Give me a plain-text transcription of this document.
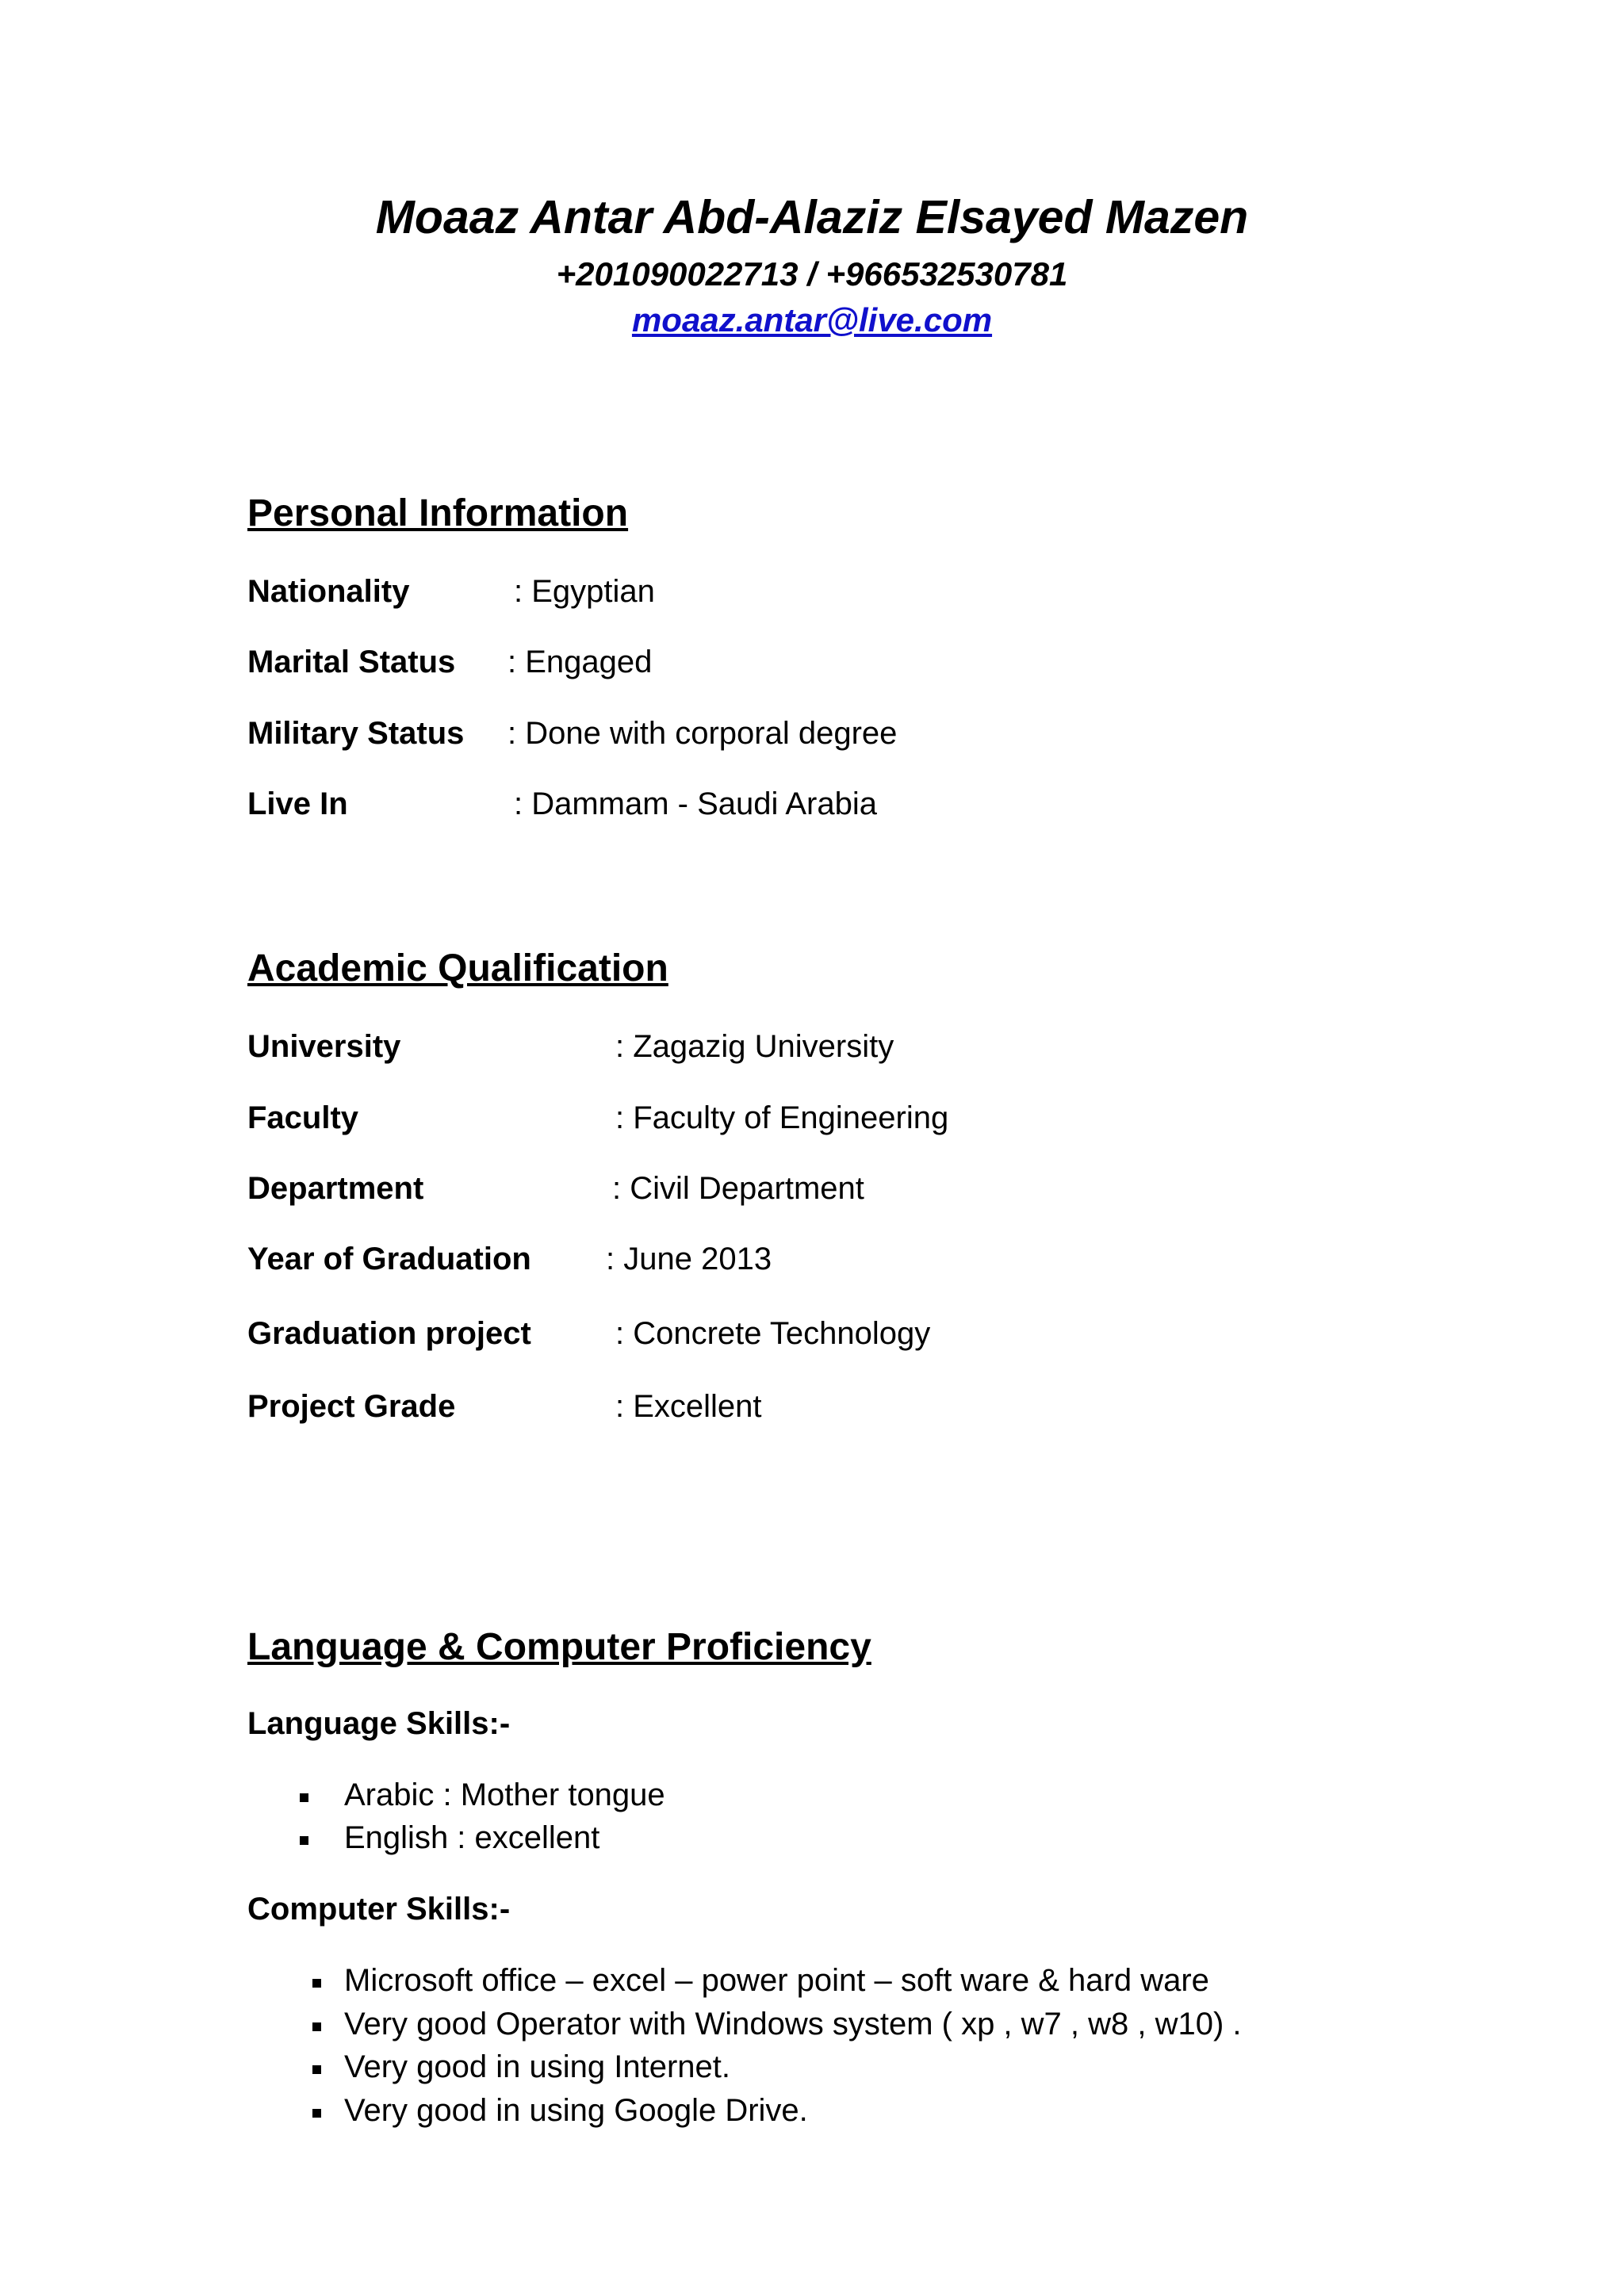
Moaaz Antar Abd-Alaziz Elsayed Mazen
+201090022713 / +966532530781
moaaz.antar@live.com
Personal Information
Nationality	: Egyptian
Marital Status : Engaged
Military Status : Done with corporal degree
Live In	: Dammam - Saudi Arabia
Academic Qualification
University	: Zagazig University
Faculty	: Faculty of Engineering
Department	: Civil Department
Year of Graduation : June 2013
Graduation project	: Concrete Technology
Project Grade	: Excellent
Language & Computer Proficiency
Language Skills:-
Arabic : Mother tongue
English : excellent
Computer Skills:-
Microsoft office – excel – power point – soft ware & hard ware
Very good Operator with Windows system ( xp , w7 , w8 , w10) .
Very good in using Internet.
Very good in using Google Drive.
